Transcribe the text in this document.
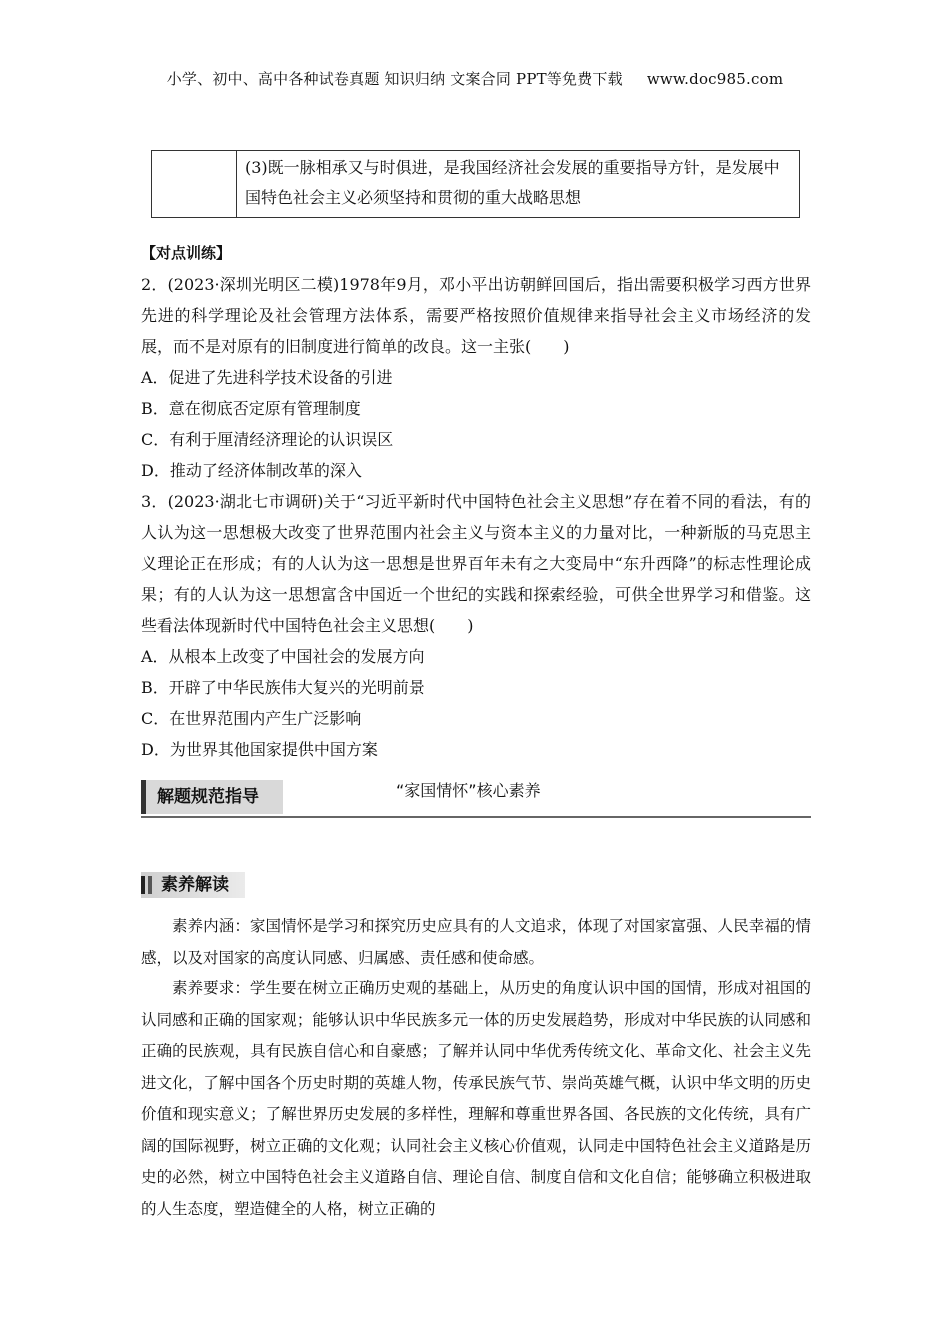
小学、初中、高中各种试卷真题 知识归纳 文案合同 PPT等免费下载 www.doc985.com
	(3)既一脉相承又与时俱进，是我国经济社会发展的重要指导方针，是发展中国特色社会主义必须坚持和贯彻的重大战略思想

【对点训练】

2．(2023·深圳光明区二模)1978年9月，邓小平出访朝鲜回国后，指出需要积极学习西方世界先进的科学理论及社会管理方法体系，需要严格按照价值规律来指导社会主义市场经济的发展，而不是对原有的旧制度进行简单的改良。这一主张(　　)

A．促进了先进科学技术设备的引进

B．意在彻底否定原有管理制度

C．有利于厘清经济理论的认识误区

D．推动了经济体制改革的深入

3．(2023·湖北七市调研)关于“习近平新时代中国特色社会主义思想”存在着不同的看法，有的人认为这一思想极大改变了世界范围内社会主义与资本主义的力量对比，一种新版的马克思主义理论正在形成；有的人认为这一思想是世界百年未有之大变局中“东升西降”的标志性理论成果；有的人认为这一思想富含中国近一个世纪的实践和探索经验，可供全世界学习和借鉴。这些看法体现新时代中国特色社会主义思想(　　)

A．从根本上改变了中国社会的发展方向

B．开辟了中华民族伟大复兴的光明前景

C．在世界范围内产生广泛影响

D．为世界其他国家提供中国方案

解题规范指导	“家国情怀”核心素养
素养解读

素养内涵：家国情怀是学习和探究历史应具有的人文追求，体现了对国家富强、人民幸福的情感，以及对国家的高度认同感、归属感、责任感和使命感。

素养要求：学生要在树立正确历史观的基础上，从历史的角度认识中国的国情，形成对祖国的认同感和正确的国家观；能够认识中华民族多元一体的历史发展趋势，形成对中华民族的认同感和正确的民族观，具有民族自信心和自豪感；了解并认同中华优秀传统文化、革命文化、社会主义先进文化，了解中国各个历史时期的英雄人物，传承民族气节、崇尚英雄气概，认识中华文明的历史价值和现实意义；了解世界历史发展的多样性，理解和尊重世界各国、各民族的文化传统，具有广阔的国际视野，树立正确的文化观；认同社会主义核心价值观，认同走中国特色社会主义道路是历史的必然，树立中国特色社会主义道路自信、理论自信、制度自信和文化自信；能够确立积极进取的人生态度，塑造健全的人格，树立正确的
